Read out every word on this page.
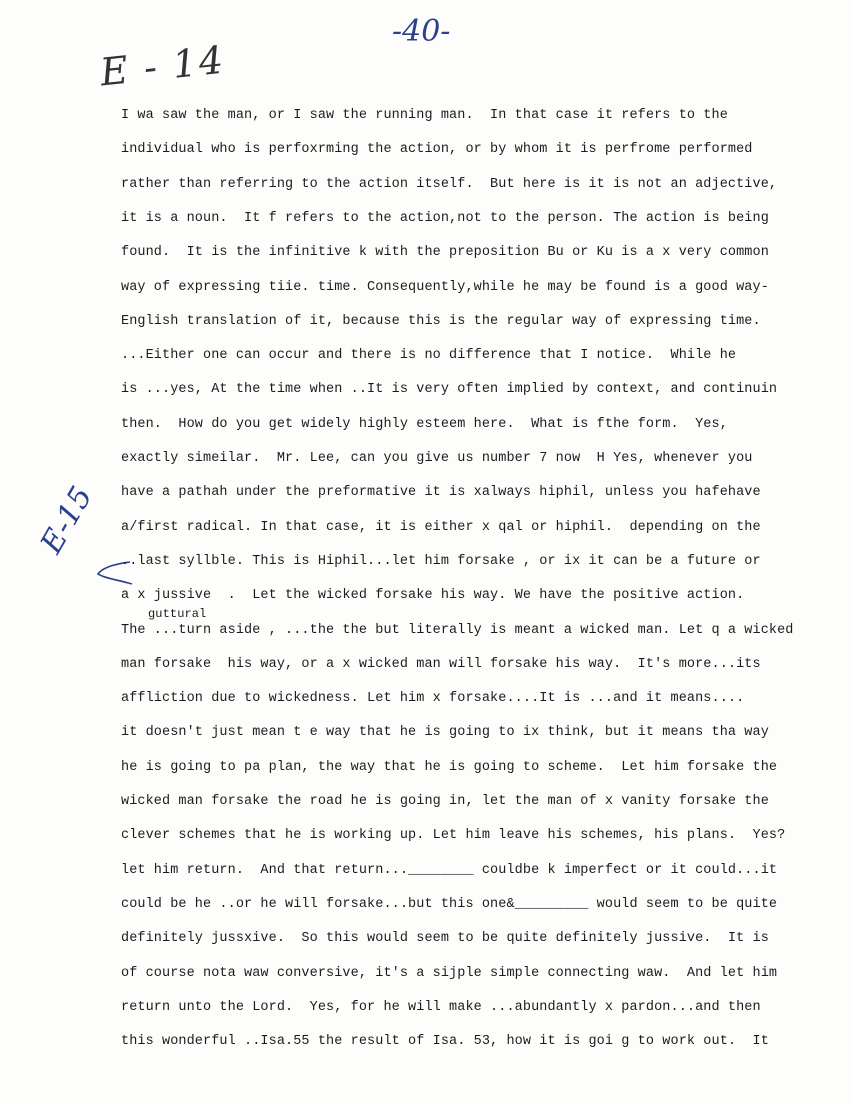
-40-
E - 14
E-15
guttural
I wa saw the man, or I saw the running man.  In that case it refers to the
individual who is perfoxrming the action, or by whom it is perfrome performed
rather than referring to the action itself.  But here is it is not an adjective,
it is a noun.  It f refers to the action,not to the person. The action is being
found.  It is the infinitive k with the preposition Bu or Ku is a x very common
way of expressing tiie. time. Consequently,while he may be found is a good way-
English translation of it, because this is the regular way of expressing time.
...Either one can occur and there is no difference that I notice.  While he
is ...yes, At the time when ..It is very often implied by context, and continuin
then.  How do you get widely highly esteem here.  What is fthe form.  Yes,
exactly simeilar.  Mr. Lee, can you give us number 7 now  H Yes, whenever you
have a pathah under the preformative it is xalways hiphil, unless you hafehave
a/first radical. In that case, it is either x qal or hiphil.  depending on the
..last syllble. This is Hiphil...let him forsake , or ix it can be a future or
a x jussive  .  Let the wicked forsake his way. We have the positive action.
The ...turn aside , ...the the but literally is meant a wicked man. Let q a wicked
man forsake  his way, or a x wicked man will forsake his way.  It's more...its
affliction due to wickedness. Let him x forsake....It is ...and it means....
it doesn't just mean t e way that he is going to ix think, but it means tha way
he is going to pa plan, the way that he is going to scheme.  Let him forsake the
wicked man forsake the road he is going in, let the man of x vanity forsake the
clever schemes that he is working up. Let him leave his schemes, his plans.  Yes?
let him return.  And that return...________ couldbe k imperfect or it could...it
could be he ..or he will forsake...but this one&_________ would seem to be quite
definitely jussxive.  So this would seem to be quite definitely jussive.  It is
of course nota waw conversive, it's a sijple simple connecting waw.  And let him
return unto the Lord.  Yes, for he will make ...abundantly x pardon...and then
this wonderful ..Isa.55 the result of Isa. 53, how it is goi g to work out.  It
